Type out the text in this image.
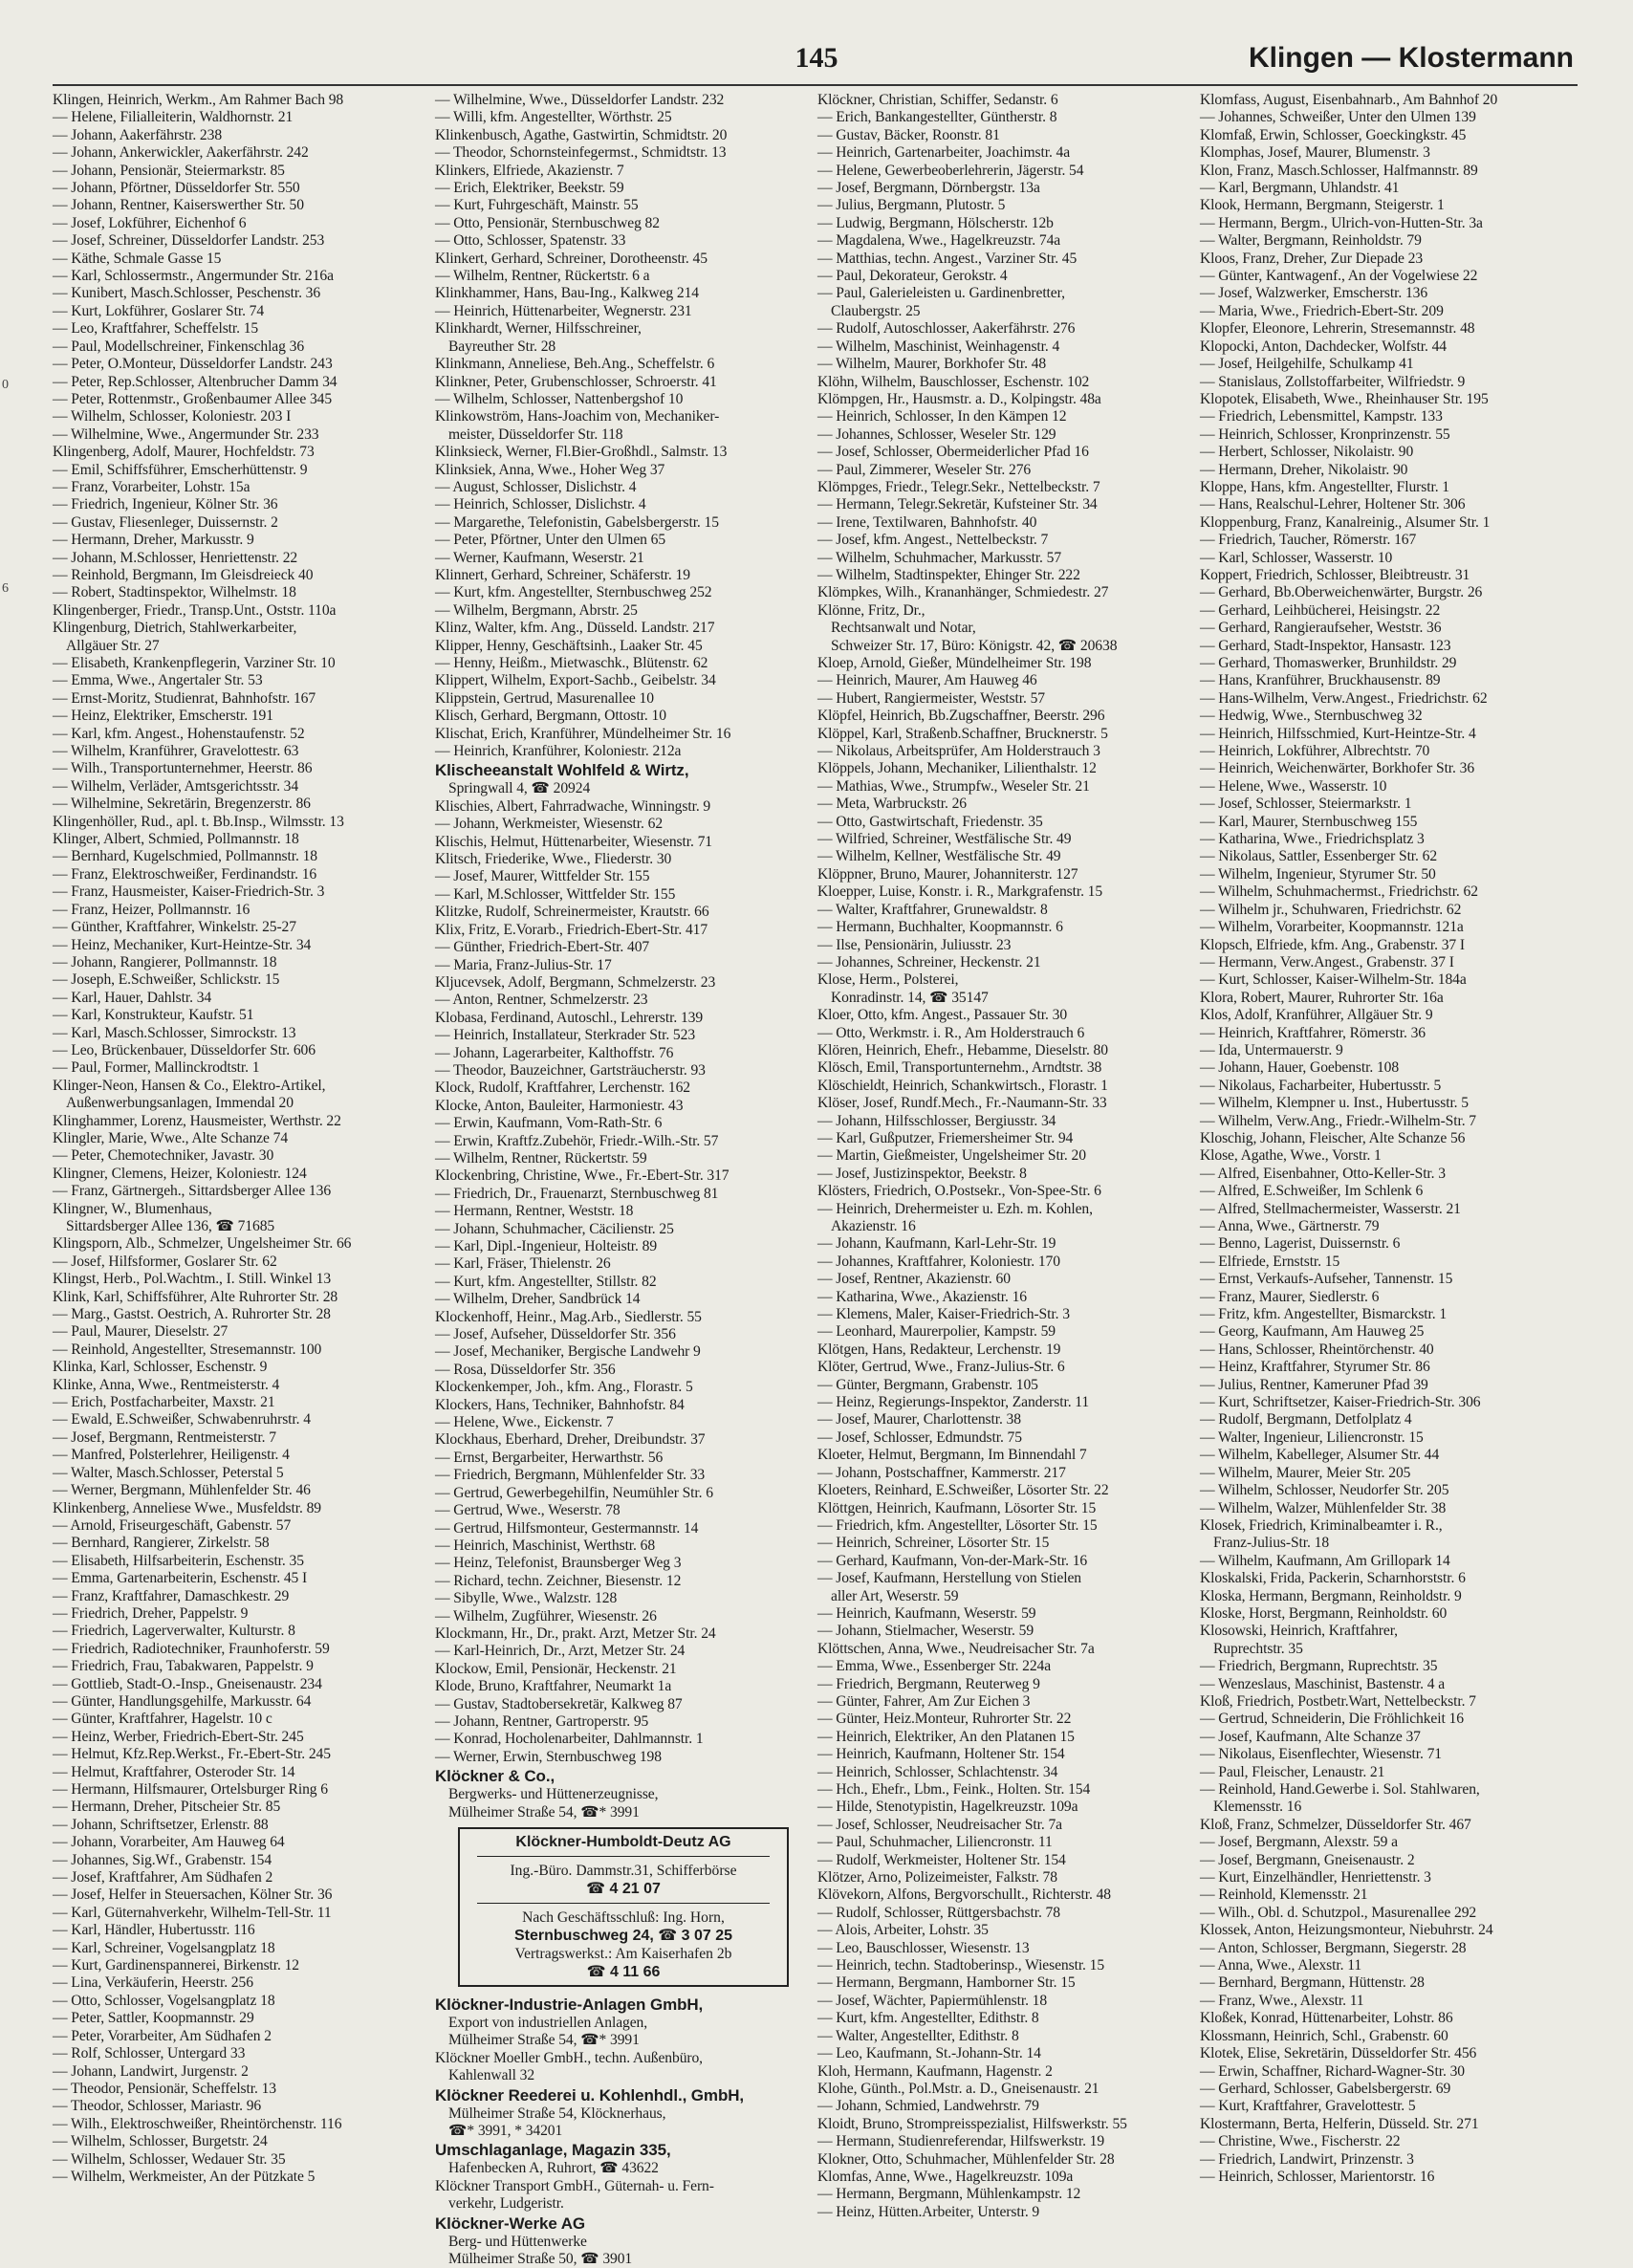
145	Klingen — Klostermann
0
6
Klingen, Heinrich, Werkm., Am Rahmer Bach 98
— Helene, Filialleiterin, Waldhornstr. 21
— Johann, Aakerfährstr. 238
— Johann, Ankerwickler, Aakerfährstr. 242
— Johann, Pensionär, Steiermarkstr. 85
— Johann, Pförtner, Düsseldorfer Str. 550
— Johann, Rentner, Kaiserswerther Str. 50
— Josef, Lokführer, Eichenhof 6
— Josef, Schreiner, Düsseldorfer Landstr. 253
— Käthe, Schmale Gasse 15
— Karl, Schlossermstr., Angermunder Str. 216a
— Kunibert, Masch.Schlosser, Peschenstr. 36
— Kurt, Lokführer, Goslarer Str. 74
— Leo, Kraftfahrer, Scheffelstr. 15
— Paul, Modellschreiner, Finkenschlag 36
— Peter, O.Monteur, Düsseldorfer Landstr. 243
— Peter, Rep.Schlosser, Altenbrucher Damm 34
— Peter, Rottenmstr., Großenbaumer Allee 345
— Wilhelm, Schlosser, Koloniestr. 203 I
— Wilhelmine, Wwe., Angermunder Str. 233
Klingenberg, Adolf, Maurer, Hochfeldstr. 73
— Emil, Schiffsführer, Emscherhüttenstr. 9
— Franz, Vorarbeiter, Lohstr. 15a
— Friedrich, Ingenieur, Kölner Str. 36
— Gustav, Fliesenleger, Duissernstr. 2
— Hermann, Dreher, Markusstr. 9
— Johann, M.Schlosser, Henriettenstr. 22
— Reinhold, Bergmann, Im Gleisdreieck 40
— Robert, Stadtinspektor, Wilhelmstr. 18
Klingenberger, Friedr., Transp.Unt., Oststr. 110a
Klingenburg, Dietrich, Stahlwerkarbeiter,
Allgäuer Str. 27
— Elisabeth, Krankenpflegerin, Varziner Str. 10
— Emma, Wwe., Angertaler Str. 53
— Ernst-Moritz, Studienrat, Bahnhofstr. 167
— Heinz, Elektriker, Emscherstr. 191
— Karl, kfm. Angest., Hohenstaufenstr. 52
— Wilhelm, Kranführer, Gravelottestr. 63
— Wilh., Transportunternehmer, Heerstr. 86
— Wilhelm, Verläder, Amtsgerichtsstr. 34
— Wilhelmine, Sekretärin, Bregenzerstr. 86
Klingenhöller, Rud., apl. t. Bb.Insp., Wilmsstr. 13
Klinger, Albert, Schmied, Pollmannstr. 18
— Bernhard, Kugelschmied, Pollmannstr. 18
— Franz, Elektroschweißer, Ferdinandstr. 16
— Franz, Hausmeister, Kaiser-Friedrich-Str. 3
— Franz, Heizer, Pollmannstr. 16
— Günther, Kraftfahrer, Winkelstr. 25-27
— Heinz, Mechaniker, Kurt-Heintze-Str. 34
— Johann, Rangierer, Pollmannstr. 18
— Joseph, E.Schweißer, Schlickstr. 15
— Karl, Hauer, Dahlstr. 34
— Karl, Konstrukteur, Kaufstr. 51
— Karl, Masch.Schlosser, Simrockstr. 13
— Leo, Brückenbauer, Düsseldorfer Str. 606
— Paul, Former, Mallinckrodtstr. 1
Klinger-Neon, Hansen & Co., Elektro-Artikel,
Außenwerbungsanlagen, Immendal 20
Klinghammer, Lorenz, Hausmeister, Werthstr. 22
Klingler, Marie, Wwe., Alte Schanze 74
— Peter, Chemotechniker, Javastr. 30
Klingner, Clemens, Heizer, Koloniestr. 124
— Franz, Gärtnergeh., Sittardsberger Allee 136
Klingner, W., Blumenhaus,
Sittardsberger Allee 136, ☎ 71685
Klingsporn, Alb., Schmelzer, Ungelsheimer Str. 66
— Josef, Hilfsformer, Goslarer Str. 62
Klingst, Herb., Pol.Wachtm., I. Still. Winkel 13
Klink, Karl, Schiffsführer, Alte Ruhrorter Str. 28
— Marg., Gastst. Oestrich, A. Ruhrorter Str. 28
— Paul, Maurer, Dieselstr. 27
— Reinhold, Angestellter, Stresemannstr. 100
Klinka, Karl, Schlosser, Eschenstr. 9
Klinke, Anna, Wwe., Rentmeisterstr. 4
— Erich, Postfacharbeiter, Maxstr. 21
— Ewald, E.Schweißer, Schwabenruhrstr. 4
— Josef, Bergmann, Rentmeisterstr. 7
— Manfred, Polsterlehrer, Heiligenstr. 4
— Walter, Masch.Schlosser, Peterstal 5
— Werner, Bergmann, Mühlenfelder Str. 46
Klinkenberg, Anneliese Wwe., Musfeldstr. 89
— Arnold, Friseurgeschäft, Gabenstr. 57
— Bernhard, Rangierer, Zirkelstr. 58
— Elisabeth, Hilfsarbeiterin, Eschenstr. 35
— Emma, Gartenarbeiterin, Eschenstr. 45 I
— Franz, Kraftfahrer, Damaschkestr. 29
— Friedrich, Dreher, Pappelstr. 9
— Friedrich, Lagerverwalter, Kulturstr. 8
— Friedrich, Radiotechniker, Fraunhoferstr. 59
— Friedrich, Frau, Tabakwaren, Pappelstr. 9
— Gottlieb, Stadt-O.-Insp., Gneisenaustr. 234
— Günter, Handlungsgehilfe, Markusstr. 64
— Günter, Kraftfahrer, Hagelstr. 10 c
— Heinz, Werber, Friedrich-Ebert-Str. 245
— Helmut, Kfz.Rep.Werkst., Fr.-Ebert-Str. 245
— Helmut, Kraftfahrer, Osteroder Str. 14
— Hermann, Hilfsmaurer, Ortelsburger Ring 6
— Hermann, Dreher, Pitscheier Str. 85
— Johann, Schriftsetzer, Erlenstr. 88
— Johann, Vorarbeiter, Am Hauweg 64
— Johannes, Sig.Wf., Grabenstr. 154
— Josef, Kraftfahrer, Am Südhafen 2
— Josef, Helfer in Steuersachen, Kölner Str. 36
— Karl, Güternahverkehr, Wilhelm-Tell-Str. 11
— Karl, Händler, Hubertusstr. 116
— Karl, Schreiner, Vogelsangplatz 18
— Kurt, Gardinenspannerei, Birkenstr. 12
— Lina, Verkäuferin, Heerstr. 256
— Otto, Schlosser, Vogelsangplatz 18
— Peter, Sattler, Koopmannstr. 29
— Peter, Vorarbeiter, Am Südhafen 2
— Rolf, Schlosser, Untergard 33
— Johann, Landwirt, Jurgenstr. 2
— Theodor, Pensionär, Scheffelstr. 13
— Theodor, Schlosser, Mariastr. 96
— Wilh., Elektroschweißer, Rheintörchenstr. 116
— Wilhelm, Schlosser, Burgetstr. 24
— Wilhelm, Schlosser, Wedauer Str. 35
— Wilhelm, Werkmeister, An der Pützkate 5
— Wilhelmine, Wwe., Düsseldorfer Landstr. 232
— Willi, kfm. Angestellter, Wörthstr. 25
Klinkenbusch, Agathe, Gastwirtin, Schmidtstr. 20
— Theodor, Schornsteinfegermst., Schmidtstr. 13
Klinkers, Elfriede, Akazienstr. 7
— Erich, Elektriker, Beekstr. 59
— Kurt, Fuhrgeschäft, Mainstr. 55
— Otto, Pensionär, Sternbuschweg 82
— Otto, Schlosser, Spatenstr. 33
Klinkert, Gerhard, Schreiner, Dorotheenstr. 45
— Wilhelm, Rentner, Rückertstr. 6 a
Klinkhammer, Hans, Bau-Ing., Kalkweg 214
— Heinrich, Hüttenarbeiter, Wegnerstr. 231
Klinkhardt, Werner, Hilfsschreiner,
Bayreuther Str. 28
Klinkmann, Anneliese, Beh.Ang., Scheffelstr. 6
Klinkner, Peter, Grubenschlosser, Schroerstr. 41
— Wilhelm, Schlosser, Nattenbergshof 10
Klinkowström, Hans-Joachim von, Mechaniker-
meister, Düsseldorfer Str. 118
Klinksieck, Werner, Fl.Bier-Großhdl., Salmstr. 13
Klinksiek, Anna, Wwe., Hoher Weg 37
— August, Schlosser, Dislichstr. 4
— Heinrich, Schlosser, Dislichstr. 4
— Margarethe, Telefonistin, Gabelsbergerstr. 15
— Peter, Pförtner, Unter den Ulmen 65
— Werner, Kaufmann, Weserstr. 21
Klinnert, Gerhard, Schreiner, Schäferstr. 19
— Kurt, kfm. Angestellter, Sternbuschweg 252
— Wilhelm, Bergmann, Abrstr. 25
Klinz, Walter, kfm. Ang., Düsseld. Landstr. 217
Klipper, Henny, Geschäftsinh., Laaker Str. 45
— Henny, Heißm., Mietwaschk., Blütenstr. 62
Klippert, Wilhelm, Export-Sachb., Geibelstr. 34
Klippstein, Gertrud, Masurenallee 10
Klisch, Gerhard, Bergmann, Ottostr. 10
Klischat, Erich, Kranführer, Mündelheimer Str. 16
— Heinrich, Kranführer, Koloniestr. 212a
Klischeeanstalt Wohlfeld & Wirtz,
Springwall 4, ☎ 20924
Klischies, Albert, Fahrradwache, Winningstr. 9
— Johann, Werkmeister, Wiesenstr. 62
Klischis, Helmut, Hüttenarbeiter, Wiesenstr. 71
Klitsch, Friederike, Wwe., Fliederstr. 30
— Josef, Maurer, Wittfelder Str. 155
— Karl, M.Schlosser, Wittfelder Str. 155
Klitzke, Rudolf, Schreinermeister, Krautstr. 66
Klix, Fritz, E.Vorarb., Friedrich-Ebert-Str. 417
— Günther, Friedrich-Ebert-Str. 407
— Maria, Franz-Julius-Str. 17
Kljucevsek, Adolf, Bergmann, Schmelzerstr. 23
— Anton, Rentner, Schmelzerstr. 23
Klobasa, Ferdinand, Autoschl., Lehrerstr. 139
— Heinrich, Installateur, Sterkrader Str. 523
— Johann, Lagerarbeiter, Kalthoffstr. 76
— Theodor, Bauzeichner, Gartsträucherstr. 93
Klock, Rudolf, Kraftfahrer, Lerchenstr. 162
Klocke, Anton, Bauleiter, Harmoniestr. 43
— Erwin, Kaufmann, Vom-Rath-Str. 6
— Erwin, Kraftfz.Zubehör, Friedr.-Wilh.-Str. 57
— Wilhelm, Rentner, Rückertstr. 59
Klockenbring, Christine, Wwe., Fr.-Ebert-Str. 317
— Friedrich, Dr., Frauenarzt, Sternbuschweg 81
— Hermann, Rentner, Weststr. 18
— Johann, Schuhmacher, Cäcilienstr. 25
— Karl, Dipl.-Ingenieur, Holteistr. 89
— Karl, Fräser, Thielenstr. 26
— Kurt, kfm. Angestellter, Stillstr. 82
— Wilhelm, Dreher, Sandbrück 14
Klockenhoff, Heinr., Mag.Arb., Siedlerstr. 55
— Josef, Aufseher, Düsseldorfer Str. 356
— Josef, Mechaniker, Bergische Landwehr 9
— Rosa, Düsseldorfer Str. 356
Klockenkemper, Joh., kfm. Ang., Florastr. 5
Klockers, Hans, Techniker, Bahnhofstr. 84
— Helene, Wwe., Eickenstr. 7
Klockhaus, Eberhard, Dreher, Dreibundstr. 37
— Ernst, Bergarbeiter, Herwarthstr. 56
— Friedrich, Bergmann, Mühlenfelder Str. 33
— Gertrud, Gewerbegehilfin, Neumühler Str. 6
— Gertrud, Wwe., Weserstr. 78
— Gertrud, Hilfsmonteur, Gestermannstr. 14
— Heinrich, Maschinist, Werthstr. 68
— Heinz, Telefonist, Braunsberger Weg 3
— Richard, techn. Zeichner, Biesenstr. 12
— Sibylle, Wwe., Walzstr. 128
— Wilhelm, Zugführer, Wiesenstr. 26
Klockmann, Hr., Dr., prakt. Arzt, Metzer Str. 24
— Karl-Heinrich, Dr., Arzt, Metzer Str. 24
Klockow, Emil, Pensionär, Heckenstr. 21
Klode, Bruno, Kraftfahrer, Neumarkt 1a
— Gustav, Stadtobersekretär, Kalkweg 87
— Johann, Rentner, Gartroperstr. 95
— Konrad, Hocholenarbeiter, Dahlmannstr. 1
— Werner, Erwin, Sternbuschweg 198
Klöckner & Co.,
Bergwerks- und Hüttenerzeugnisse,
Mülheimer Straße 54, ☎* 3991
Klöckner-Humboldt-Deutz AG
Ing.-Büro. Dammstr.31, Schifferbörse
☎ 4 21 07
Nach Geschäftsschluß: Ing. Horn,
Sternbuschweg 24, ☎ 3 07 25
Vertragswerkst.: Am Kaiserhafen 2b
☎ 4 11 66
Klöckner-Industrie-Anlagen GmbH,
Export von industriellen Anlagen,
Mülheimer Straße 54, ☎* 3991
Klöckner Moeller GmbH., techn. Außenbüro,
Kahlenwall 32
Klöckner Reederei u. Kohlenhdl., GmbH,
Mülheimer Straße 54, Klöcknerhaus,
☎* 3991, * 34201
Umschlaganlage, Magazin 335,
Hafenbecken A, Ruhrort, ☎ 43622
Klöckner Transport GmbH., Güternah- u. Fern-
verkehr, Ludgeristr.
Klöckner-Werke AG
Berg- und Hüttenwerke
Mülheimer Straße 50, ☎ 3901
Klöckner, Christian, Schiffer, Sedanstr. 6
— Erich, Bankangestellter, Güntherstr. 8
— Gustav, Bäcker, Roonstr. 81
— Heinrich, Gartenarbeiter, Joachimstr. 4a
— Helene, Gewerbeoberlehrerin, Jägerstr. 54
— Josef, Bergmann, Dörnbergstr. 13a
— Julius, Bergmann, Plutostr. 5
— Ludwig, Bergmann, Hölscherstr. 12b
— Magdalena, Wwe., Hagelkreuzstr. 74a
— Matthias, techn. Angest., Varziner Str. 45
— Paul, Dekorateur, Gerokstr. 4
— Paul, Galerieleisten u. Gardinenbretter,
Claubergstr. 25
— Rudolf, Autoschlosser, Aakerfährstr. 276
— Wilhelm, Maschinist, Weinhagenstr. 4
— Wilhelm, Maurer, Borkhofer Str. 48
Klöhn, Wilhelm, Bauschlosser, Eschenstr. 102
Klömpgen, Hr., Hausmstr. a. D., Kolpingstr. 48a
— Heinrich, Schlosser, In den Kämpen 12
— Johannes, Schlosser, Weseler Str. 129
— Josef, Schlosser, Obermeiderlicher Pfad 16
— Paul, Zimmerer, Weseler Str. 276
Klömpges, Friedr., Telegr.Sekr., Nettelbeckstr. 7
— Hermann, Telegr.Sekretär, Kufsteiner Str. 34
— Irene, Textilwaren, Bahnhofstr. 40
— Josef, kfm. Angest., Nettelbeckstr. 7
— Wilhelm, Schuhmacher, Markusstr. 57
— Wilhelm, Stadtinspekter, Ehinger Str. 222
Klömpkes, Wilh., Krananhänger, Schmiedestr. 27
Klönne, Fritz, Dr.,
Rechtsanwalt und Notar,
Schweizer Str. 17, Büro: Königstr. 42, ☎ 20638
Kloep, Arnold, Gießer, Mündelheimer Str. 198
— Heinrich, Maurer, Am Hauweg 46
— Hubert, Rangiermeister, Weststr. 57
Klöpfel, Heinrich, Bb.Zugschaffner, Beerstr. 296
Klöppel, Karl, Straßenb.Schaffner, Brucknerstr. 5
— Nikolaus, Arbeitsprüfer, Am Holderstrauch 3
Klöppels, Johann, Mechaniker, Lilienthalstr. 12
— Mathias, Wwe., Strumpfw., Weseler Str. 21
— Meta, Warbruckstr. 26
— Otto, Gastwirtschaft, Friedenstr. 35
— Wilfried, Schreiner, Westfälische Str. 49
— Wilhelm, Kellner, Westfälische Str. 49
Klöppner, Bruno, Maurer, Johanniterstr. 127
Kloepper, Luise, Konstr. i. R., Markgrafenstr. 15
— Walter, Kraftfahrer, Grunewaldstr. 8
— Hermann, Buchhalter, Koopmannstr. 6
— Ilse, Pensionärin, Juliusstr. 23
— Johannes, Schreiner, Heckenstr. 21
Klose, Herm., Polsterei,
Konradinstr. 14, ☎ 35147
Kloer, Otto, kfm. Angest., Passauer Str. 30
— Otto, Werkmstr. i. R., Am Holderstrauch 6
Klören, Heinrich, Ehefr., Hebamme, Dieselstr. 80
Klösch, Emil, Transportunternehm., Arndtstr. 38
Klöschieldt, Heinrich, Schankwirtsch., Florastr. 1
Klöser, Josef, Rundf.Mech., Fr.-Naumann-Str. 33
— Johann, Hilfsschlosser, Bergiusstr. 34
— Karl, Gußputzer, Friemersheimer Str. 94
— Martin, Gießmeister, Ungelsheimer Str. 20
— Josef, Justizinspektor, Beekstr. 8
Klösters, Friedrich, O.Postsekr., Von-Spee-Str. 6
— Heinrich, Drehermeister u. Ezh. m. Kohlen,
Akazienstr. 16
— Johann, Kaufmann, Karl-Lehr-Str. 19
— Johannes, Kraftfahrer, Koloniestr. 170
— Josef, Rentner, Akazienstr. 60
— Katharina, Wwe., Akazienstr. 16
— Klemens, Maler, Kaiser-Friedrich-Str. 3
— Leonhard, Maurerpolier, Kampstr. 59
Klötgen, Hans, Redakteur, Lerchenstr. 19
Klöter, Gertrud, Wwe., Franz-Julius-Str. 6
— Günter, Bergmann, Grabenstr. 105
— Heinz, Regierungs-Inspektor, Zanderstr. 11
— Josef, Maurer, Charlottenstr. 38
— Josef, Schlosser, Edmundstr. 75
Kloeter, Helmut, Bergmann, Im Binnendahl 7
— Johann, Postschaffner, Kammerstr. 217
Kloeters, Reinhard, E.Schweißer, Lösorter Str. 22
Klöttgen, Heinrich, Kaufmann, Lösorter Str. 15
— Friedrich, kfm. Angestellter, Lösorter Str. 15
— Heinrich, Schreiner, Lösorter Str. 15
— Gerhard, Kaufmann, Von-der-Mark-Str. 16
— Josef, Kaufmann, Herstellung von Stielen
aller Art, Weserstr. 59
— Heinrich, Kaufmann, Weserstr. 59
— Johann, Stielmacher, Weserstr. 59
Klöttschen, Anna, Wwe., Neudreisacher Str. 7a
— Emma, Wwe., Essenberger Str. 224a
— Friedrich, Bergmann, Reuterweg 9
— Günter, Fahrer, Am Zur Eichen 3
— Günter, Heiz.Monteur, Ruhrorter Str. 22
— Heinrich, Elektriker, An den Platanen 15
— Heinrich, Kaufmann, Holtener Str. 154
— Heinrich, Schlosser, Schlachtenstr. 34
— Hch., Ehefr., Lbm., Feink., Holten. Str. 154
— Hilde, Stenotypistin, Hagelkreuzstr. 109a
— Josef, Schlosser, Neudreisacher Str. 7a
— Paul, Schuhmacher, Liliencronstr. 11
— Rudolf, Werkmeister, Holtener Str. 154
Klötzer, Arno, Polizeimeister, Falkstr. 78
Klövekorn, Alfons, Bergvorschullt., Richterstr. 48
— Rudolf, Schlosser, Rüttgersbachstr. 78
— Alois, Arbeiter, Lohstr. 35
— Leo, Bauschlosser, Wiesenstr. 13
— Heinrich, techn. Stadtoberinsp., Wiesenstr. 15
— Hermann, Bergmann, Hamborner Str. 15
— Josef, Wächter, Papiermühlenstr. 18
— Kurt, kfm. Angestellter, Edithstr. 8
— Walter, Angestellter, Edithstr. 8
— Leo, Kaufmann, St.-Johann-Str. 14
Kloh, Hermann, Kaufmann, Hagenstr. 2
Klohe, Günth., Pol.Mstr. a. D., Gneisenaustr. 21
— Johann, Schmied, Landwehrstr. 79
Kloidt, Bruno, Strompreisspezialist, Hilfswerkstr. 55
— Hermann, Studienreferendar, Hilfswerkstr. 19
Klokner, Otto, Schuhmacher, Mühlenfelder Str. 28
Klomfas, Anne, Wwe., Hagelkreuzstr. 109a
— Hermann, Bergmann, Mühlenkampstr. 12
— Heinz, Hütten.Arbeiter, Unterstr. 9
Klomfass, August, Eisenbahnarb., Am Bahnhof 20
— Johannes, Schweißer, Unter den Ulmen 139
Klomfaß, Erwin, Schlosser, Goeckingkstr. 45
Klomphas, Josef, Maurer, Blumenstr. 3
Klon, Franz, Masch.Schlosser, Halfmannstr. 89
— Karl, Bergmann, Uhlandstr. 41
Klook, Hermann, Bergmann, Steigerstr. 1
— Hermann, Bergm., Ulrich-von-Hutten-Str. 3a
— Walter, Bergmann, Reinholdstr. 79
Kloos, Franz, Dreher, Zur Diepade 23
— Günter, Kantwagenf., An der Vogelwiese 22
— Josef, Walzwerker, Emscherstr. 136
— Maria, Wwe., Friedrich-Ebert-Str. 209
Klopfer, Eleonore, Lehrerin, Stresemannstr. 48
Klopocki, Anton, Dachdecker, Wolfstr. 44
— Josef, Heilgehilfe, Schulkamp 41
— Stanislaus, Zollstoffarbeiter, Wilfriedstr. 9
Klopotek, Elisabeth, Wwe., Rheinhauser Str. 195
— Friedrich, Lebensmittel, Kampstr. 133
— Heinrich, Schlosser, Kronprinzenstr. 55
— Herbert, Schlosser, Nikolaistr. 90
— Hermann, Dreher, Nikolaistr. 90
Kloppe, Hans, kfm. Angestellter, Flurstr. 1
— Hans, Realschul-Lehrer, Holtener Str. 306
Kloppenburg, Franz, Kanalreinig., Alsumer Str. 1
— Friedrich, Taucher, Römerstr. 167
— Karl, Schlosser, Wasserstr. 10
Koppert, Friedrich, Schlosser, Bleibtreustr. 31
— Gerhard, Bb.Oberweichenwärter, Burgstr. 26
— Gerhard, Leihbücherei, Heisingstr. 22
— Gerhard, Rangieraufseher, Weststr. 36
— Gerhard, Stadt-Inspektor, Hansastr. 123
— Gerhard, Thomaswerker, Brunhildstr. 29
— Hans, Kranführer, Bruckhausenstr. 89
— Hans-Wilhelm, Verw.Angest., Friedrichstr. 62
— Hedwig, Wwe., Sternbuschweg 32
— Heinrich, Hilfsschmied, Kurt-Heintze-Str. 4
— Heinrich, Lokführer, Albrechtstr. 70
— Heinrich, Weichenwärter, Borkhofer Str. 36
— Helene, Wwe., Wasserstr. 10
— Josef, Schlosser, Steiermarkstr. 1
— Karl, Maurer, Sternbuschweg 155
— Katharina, Wwe., Friedrichsplatz 3
— Nikolaus, Sattler, Essenberger Str. 62
— Wilhelm, Ingenieur, Styrumer Str. 50
— Wilhelm, Schuhmachermst., Friedrichstr. 62
— Wilhelm jr., Schuhwaren, Friedrichstr. 62
— Wilhelm, Vorarbeiter, Koopmannstr. 121a
Klopsch, Elfriede, kfm. Ang., Grabenstr. 37 I
— Hermann, Verw.Angest., Grabenstr. 37 I
— Kurt, Schlosser, Kaiser-Wilhelm-Str. 184a
Klora, Robert, Maurer, Ruhrorter Str. 16a
Klos, Adolf, Kranführer, Allgäuer Str. 9
— Heinrich, Kraftfahrer, Römerstr. 36
— Ida, Untermauerstr. 9
— Johann, Hauer, Goebenstr. 108
— Nikolaus, Facharbeiter, Hubertusstr. 5
— Wilhelm, Klempner u. Inst., Hubertusstr. 5
— Wilhelm, Verw.Ang., Friedr.-Wilhelm-Str. 7
Kloschig, Johann, Fleischer, Alte Schanze 56
Klose, Agathe, Wwe., Vorstr. 1
— Alfred, Eisenbahner, Otto-Keller-Str. 3
— Alfred, E.Schweißer, Im Schlenk 6
— Alfred, Stellmachermeister, Wasserstr. 21
— Anna, Wwe., Gärtnerstr. 79
— Benno, Lagerist, Duissernstr. 6
— Elfriede, Ernststr. 15
— Ernst, Verkaufs-Aufseher, Tannenstr. 15
— Franz, Maurer, Siedlerstr. 6
— Fritz, kfm. Angestellter, Bismarckstr. 1
— Georg, Kaufmann, Am Hauweg 25
— Hans, Schlosser, Rheintörchenstr. 40
— Heinz, Kraftfahrer, Styrumer Str. 86
— Julius, Rentner, Kameruner Pfad 39
— Kurt, Schriftsetzer, Kaiser-Friedrich-Str. 306
— Rudolf, Bergmann, Detfolplatz 4
— Walter, Ingenieur, Liliencronstr. 15
— Wilhelm, Kabelleger, Alsumer Str. 44
— Wilhelm, Maurer, Meier Str. 205
— Wilhelm, Schlosser, Neudorfer Str. 205
— Wilhelm, Walzer, Mühlenfelder Str. 38
Klosek, Friedrich, Kriminalbeamter i. R.,
Franz-Julius-Str. 18
— Wilhelm, Kaufmann, Am Grillopark 14
Kloskalski, Frida, Packerin, Scharnhorststr. 6
Kloska, Hermann, Bergmann, Reinholdstr. 9
Kloske, Horst, Bergmann, Reinholdstr. 60
Klosowski, Heinrich, Kraftfahrer,
Ruprechtstr. 35
— Friedrich, Bergmann, Ruprechtstr. 35
— Wenzeslaus, Maschinist, Bastenstr. 4 a
Kloß, Friedrich, Postbetr.Wart, Nettelbeckstr. 7
— Gertrud, Schneiderin, Die Fröhlichkeit 16
— Josef, Kaufmann, Alte Schanze 37
— Nikolaus, Eisenflechter, Wiesenstr. 71
— Paul, Fleischer, Lenaustr. 21
— Reinhold, Hand.Gewerbe i. Sol. Stahlwaren,
Klemensstr. 16
Kloß, Franz, Schmelzer, Düsseldorfer Str. 467
— Josef, Bergmann, Alexstr. 59 a
— Josef, Bergmann, Gneisenaustr. 2
— Kurt, Einzelhändler, Henriettenstr. 3
— Reinhold, Klemensstr. 21
— Wilh., Obl. d. Schutzpol., Masurenallee 292
Klossek, Anton, Heizungsmonteur, Niebuhrstr. 24
— Anton, Schlosser, Bergmann, Siegerstr. 28
— Anna, Wwe., Alexstr. 11
— Bernhard, Bergmann, Hüttenstr. 28
— Franz, Wwe., Alexstr. 11
Kloßek, Konrad, Hüttenarbeiter, Lohstr. 86
Klossmann, Heinrich, Schl., Grabenstr. 60
Klotek, Elise, Sekretärin, Düsseldorfer Str. 456
— Erwin, Schaffner, Richard-Wagner-Str. 30
— Gerhard, Schlosser, Gabelsbergerstr. 69
— Kurt, Kraftfahrer, Gravelottestr. 5
Klostermann, Berta, Helferin, Düsseld. Str. 271
— Christine, Wwe., Fischerstr. 22
— Friedrich, Landwirt, Prinzenstr. 3
— Heinrich, Schlosser, Marientorstr. 16
